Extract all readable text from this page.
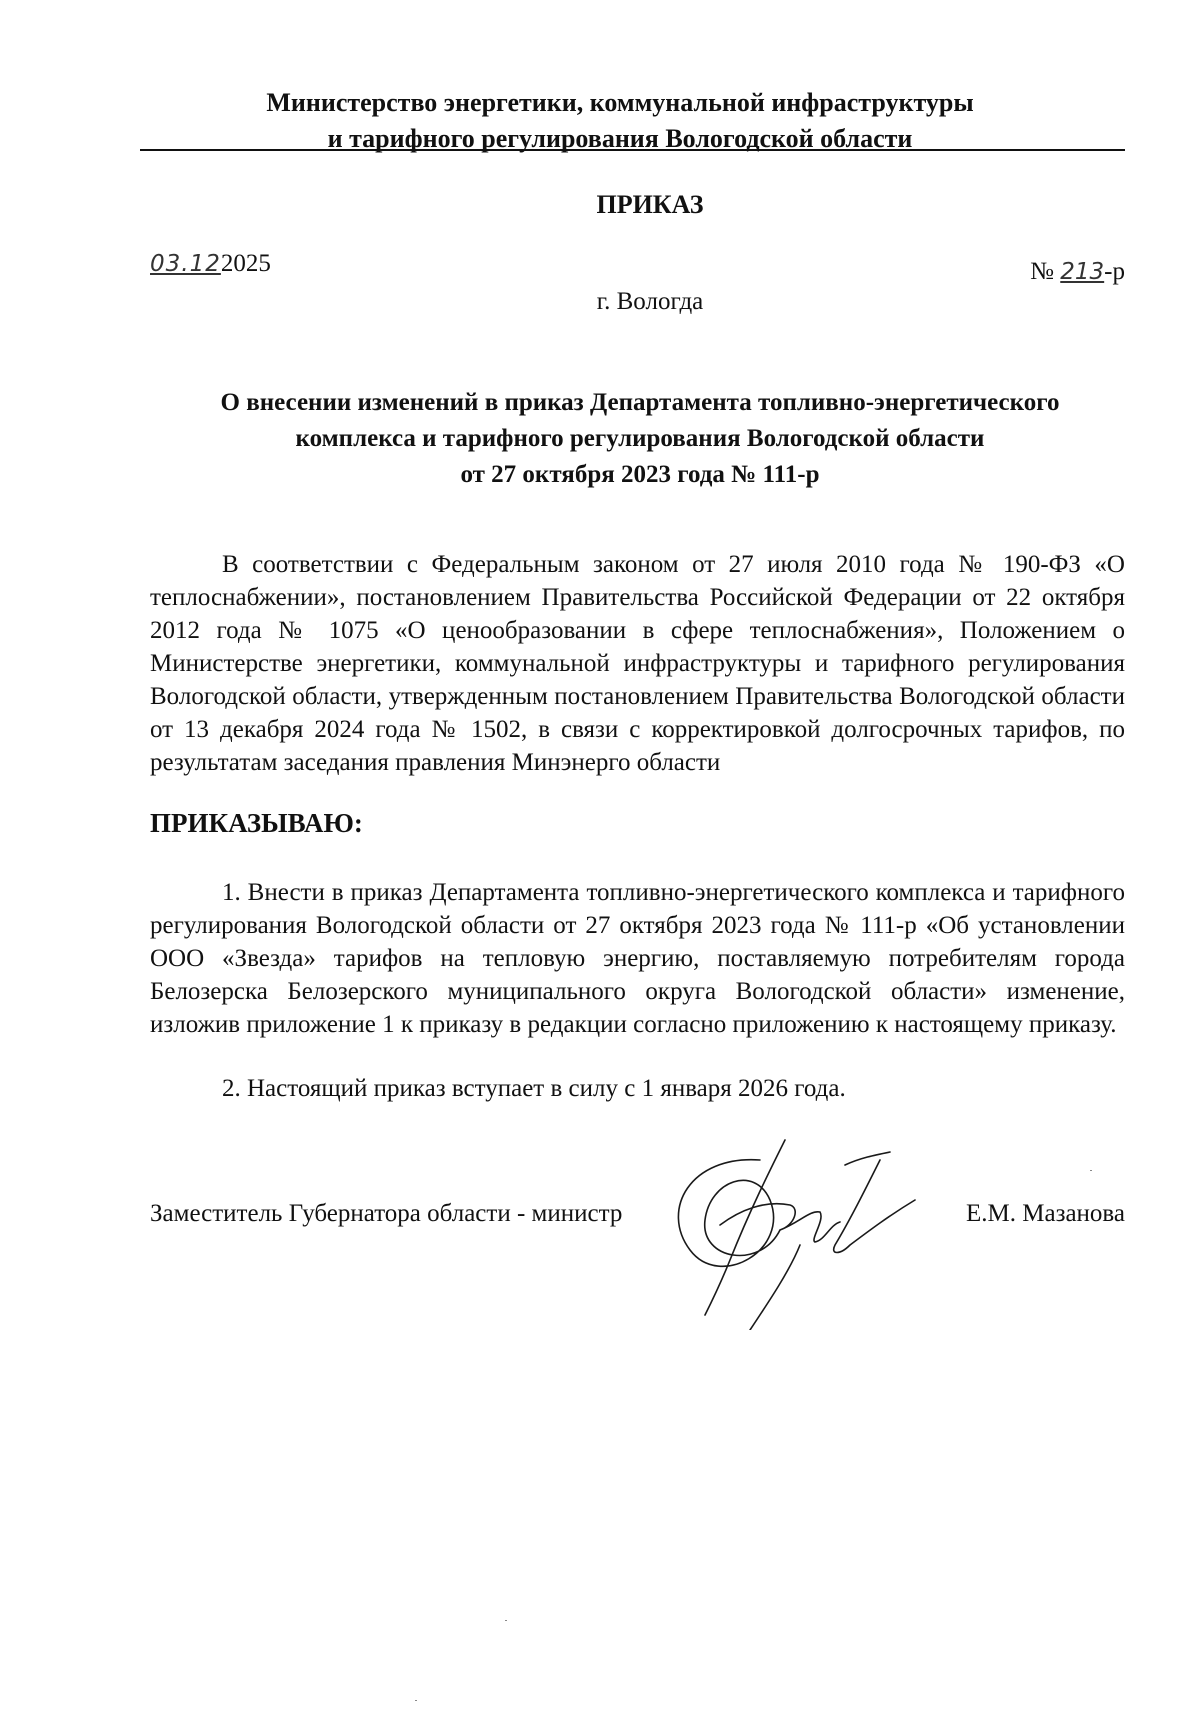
Министерство энергетики, коммунальной инфраструктуры
и тарифного регулирования Вологодской области
ПРИКАЗ
03.122025	№ 213-р
г. Вологда
О внесении изменений в приказ Департамента топливно-энергетического
комплекса и тарифного регулирования Вологодской области
от 27 октября 2023 года № 111-р
В соответствии с Федеральным законом от 27 июля 2010 года № 190-ФЗ «О теплоснабжении», постановлением Правительства Российской Федерации от 22 октября 2012 года № 1075 «О ценообразовании в сфере теплоснабжения», Положением о Министерстве энергетики, коммунальной инфраструктуры и тарифного регулирования Вологодской области, утвержденным постановлением Правительства Вологодской области от 13 декабря 2024 года № 1502, в связи с корректировкой долгосрочных тарифов, по результатам заседания правления Минэнерго области
ПРИКАЗЫВАЮ:
1. Внести в приказ Департамента топливно-энергетического комплекса и тарифного регулирования Вологодской области от 27 октября 2023 года № 111-р «Об установлении ООО «Звезда» тарифов на тепловую энергию, поставляемую потребителям города Белозерска Белозерского муниципального округа Вологодской области» изменение, изложив приложение 1 к приказу в редакции согласно приложению к настоящему приказу.
2. Настоящий приказ вступает в силу с 1 января 2026 года.
Заместитель Губернатора области - министр	Е.М. Мазанова
